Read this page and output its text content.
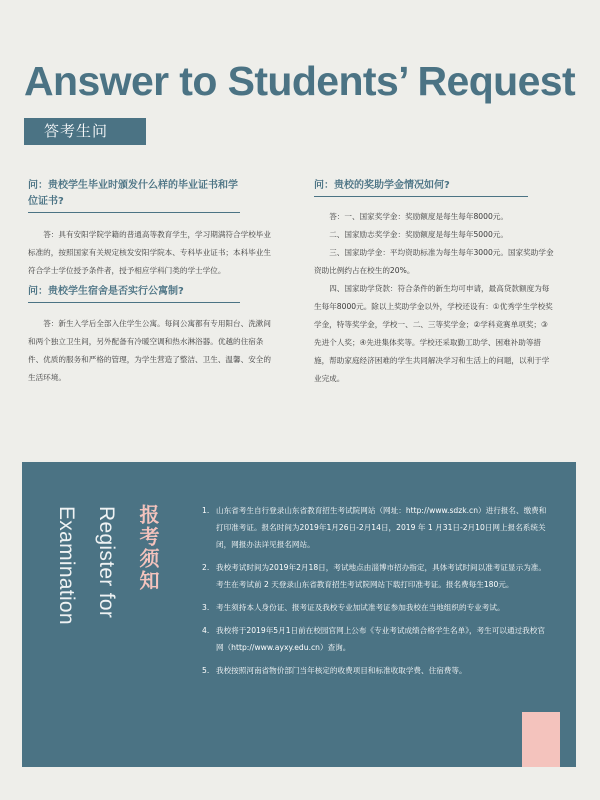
Answer to Students’ Request
答考生问
问：贵校学生毕业时颁发什么样的毕业证书和学位证书?

答：具有安阳学院学籍的普通高等教育学生，学习期满符合学校毕业标准的，按照国家有关规定核发安阳学院本、专科毕业证书；本科毕业生符合学士学位授予条件者，授予相应学科门类的学士学位。

问：贵校学生宿舍是否实行公寓制?

答：新生入学后全部入住学生公寓。每间公寓都有专用阳台、洗漱间和两个独立卫生间，另外配备有冷暖空调和热水淋浴器。优越的住宿条件、优质的服务和严格的管理，为学生营造了整洁、卫生、温馨、安全的生活环境。

问：贵校的奖助学金情况如何?

答：一、国家奖学金：奖励额度是每生每年8000元。

二、国家励志奖学金：奖励额度是每生每年5000元。

三、国家助学金：平均资助标准为每生每年3000元。国家奖助学金资助比例约占在校生的20%。

四、国家助学贷款：符合条件的新生均可申请，最高贷款额度为每生每年8000元。除以上奖助学金以外，学校还设有：①优秀学生学校奖学金，特等奖学金，学校一、二、三等奖学金；②学科竞赛单项奖；③先进个人奖；④先进集体奖等。学校还采取勤工助学、困难补助等措施，帮助家庭经济困难的学生共同解决学习和生活上的问题，以利于学业完成。

Examination Register for 报考须知	1. 山东省考生自行登录山东省教育招生考试院网站（网址：http://www.sdzk.cn）进行报名、缴费和打印准考证。报名时间为2019年1月26日-2月14日，2019 年 1 月31日-2月10日网上报名系统关闭，网报办法详见报名网站。
2. 我校考试时间为2019年2月18日，考试地点由淄博市招办指定，具体考试时间以准考证显示为准。考生在考试前 2 天登录山东省教育招生考试院网站下载打印准考证。报名费每生180元。
3. 考生须持本人身份证、报考证及我校专业加试准考证参加我校在当地组织的专业考试。
4. 我校将于2019年5月1日前在校园官网上公布《专业考试成绩合格学生名单》，考生可以通过我校官网（http://www.ayxy.edu.cn）查询。
5. 我校按照河南省物价部门当年核定的收费项目和标准收取学费、住宿费等。
